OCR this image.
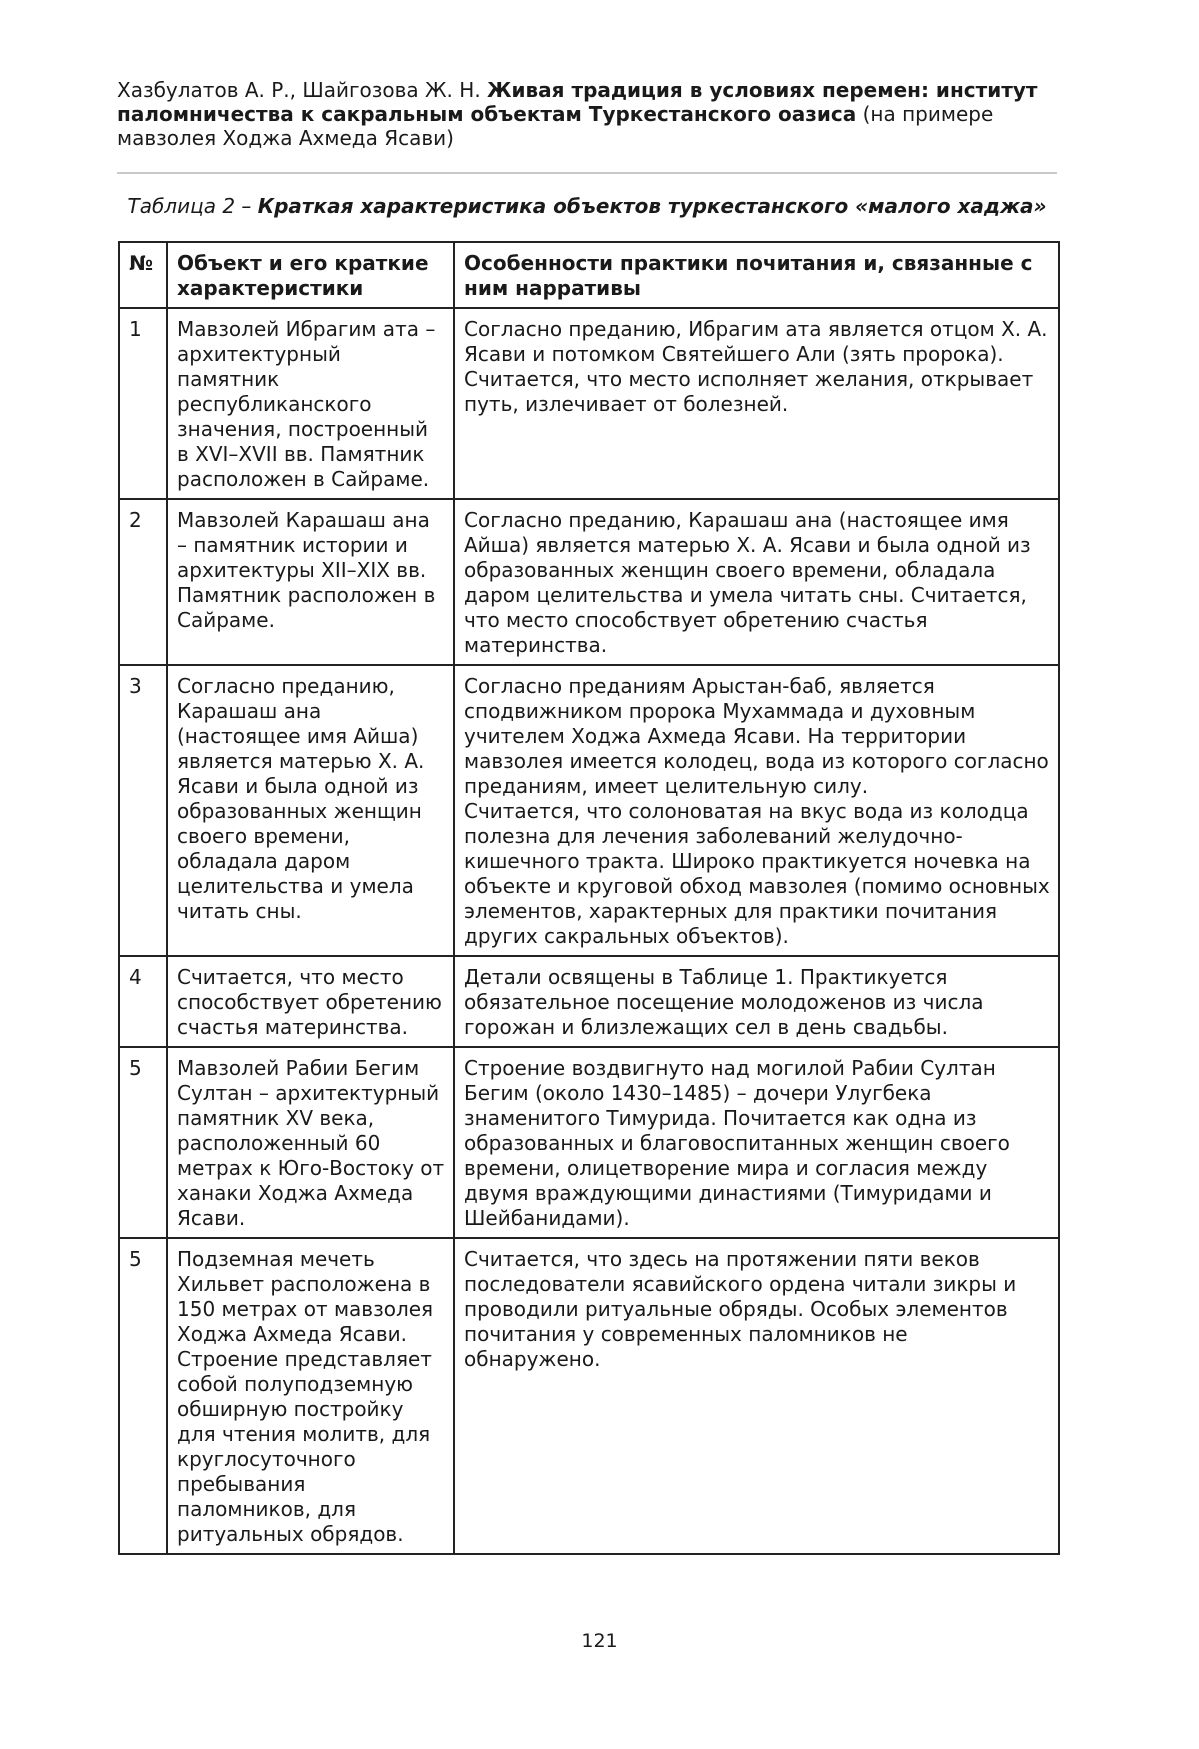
Хазбулатов А. Р., Шайгозова Ж. Н. Живая традиция в условиях перемен: институт паломничества к сакральным объектам Туркестанского оазиса (на примере мавзолея Ходжа Ахмеда Ясави)
Таблица 2 – Краткая характеристика объектов туркестанского «малого хаджа»
№	Объект и его краткие характеристики	Особенности практики почитания и, связанные с ним нарративы
1	Мавзолей Ибрагим ата – архитектурный памятник республиканского значения, построенный в XVI–XVII вв. Памятник расположен в Сайраме.	Согласно преданию, Ибрагим ата является отцом Х. А. Ясави и потомком Святейшего Али (зять пророка). Считается, что место исполняет желания, открывает путь, излечивает от болезней.
2	Мавзолей Карашаш ана – памятник истории и архитектуры XII–XIX вв. Памятник расположен в Сайраме.	Согласно преданию, Карашаш ана (настоящее имя Айша) является матерью Х. А. Ясави и была одной из образованных женщин своего времени, обладала даром целительства и умела читать сны. Считается, что место способствует обретению счастья материнства.
3	Согласно преданию, Карашаш ана (настоящее имя Айша) является матерью Х. А. Ясави и была одной из образованных женщин своего времени, обладала даром целительства и умела читать сны.	Согласно преданиям Арыстан-баб, является сподвижником пророка Мухаммада и духовным учителем Ходжа Ахмеда Ясави. На территории мавзолея имеется колодец, вода из которого согласно преданиям, имеет целительную силу.
Считается, что солоноватая на вкус вода из колодца полезна для лечения заболеваний желудочно-кишечного тракта. Широко практикуется ночевка на объекте и круговой обход мавзолея (помимо основных элементов, характерных для практики почитания других сакральных объектов).

4	Считается, что место способствует обретению счастья материнства.	Детали освящены в Таблице 1. Практикуется обязательное посещение молодоженов из числа горожан и близлежащих сел в день свадьбы.
5	Мавзолей Рабии Бегим Султан – архитектурный памятник XV века, расположенный 60 метрах к Юго-Востоку от ханаки Ходжа Ахмеда Ясави.	Строение воздвигнуто над могилой Рабии Султан Бегим (около 1430–1485) – дочери Улугбека знаменитого Тимурида. Почитается как одна из образованных и благовоспитанных женщин своего времени, олицетворение мира и согласия между двумя враждующими династиями (Тимуридами и Шейбанидами).
5	Подземная мечеть Хильвет расположена в 150 метрах от мавзолея Ходжа Ахмеда Ясави. Строение представляет собой полуподземную обширную постройку для чтения молитв, для круглосуточного пребывания паломников, для ритуальных обрядов.	Считается, что здесь на протяжении пяти веков последователи ясавийского ордена читали зикры и проводили ритуальные обряды. Особых элементов почитания у современных паломников не обнаружено.
121
